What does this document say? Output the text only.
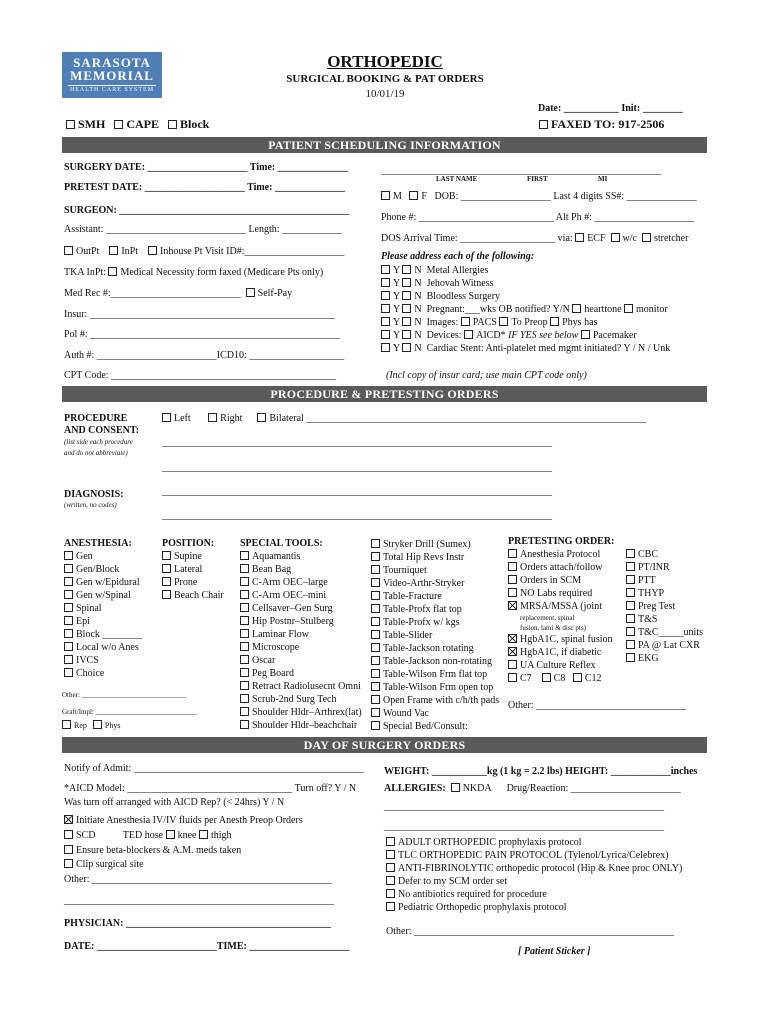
SARASOTA
MEMORIAL
HEALTH CARE SYSTEM
ORTHOPEDIC
SURGICAL BOOKING & PAT ORDERS
10/01/19
Date: ___________ Init: ________
SMH CAPE Block	FAXED TO: 917-2506
PATIENT SCHEDULING INFORMATION
SURGERY DATE: ____________________ Time: ______________
PRETEST DATE: ____________________ Time: ______________
SURGEON: ______________________________________________
Assistant: ____________________________ Length: ____________
OutPt InPt Inhouse Pt Visit ID#:____________________
TKA InPt: Medical Necessity form faxed (Medicare Pts only)
Med Rec #:__________________________ Self-Pay
Insur: _________________________________________________
Pol #: __________________________________________________
Auth #: ________________________ICD10: ___________________
CPT Code: _____________________________________________
________________________________________________________
LAST NAME	FIRST	MI
M F DOB: __________________ Last 4 digits SS#: ______________
Phone #: ___________________________ Alt Ph #: ____________________
DOS Arrival Time: ___________________ via: ECF w/c stretcher
Please address each of the following:
Y N Metal Allergies
Y N Jehovah Witness
Y N Bloodless Surgery
Y N Pregnant:___wks OB notified? Y/N hearttone monitor
Y N Images: PACS To Preop Phys has
Y N Devices: AICD* IF YES see below Pacemaker
Y N Cardiac Stent: Anti-platelet med mgmt initiated? Y / N / Unk
(Incl copy of insur card; use main CPT code only)
PROCEDURE & PRETESTING ORDERS
PROCEDURE
AND CONSENT:
(list side each procedure
and do not abbreviate)
Left	Right	Bilateral ____________________________________________________________________
______________________________________________________________________________
______________________________________________________________________________
DIAGNOSIS:
(written, no codes)
______________________________________________________________________________
______________________________________________________________________________
ANESTHESIA:
Gen
Gen/Block
Gen w/Epidural
Gen w/Spinal
Spinal
Epi
Block ________
Local w/o Anes
IVCS
Choice
Other: ______________________________
Graft/Impl: _____________________________
Rep Phys
POSITION:
Supine
Lateral
Prone
Beach Chair
SPECIAL TOOLS:
Aquamantis
Bean Bag
C-Arm OEC–large
C-Arm OEC–mini
Cellsaver–Gen Surg
Hip Postnr–Stulberg
Laminar Flow
Microscope
Oscar
Peg Board
Retract Radiolusecnt Omni
Scrub-2nd Surg Tech
Shoulder Hldr–Arthrex(lat)
Shoulder Hldr–beachchair
Stryker Drill (Sumex)
Total Hip Revs Instr
Tourniquet
Video-Arthr-Stryker
Table-Fracture
Table-Profx flat top
Table-Profx w/ kgs
Table-Slider
Table-Jackson rotating
Table-Jackson non-rotating
Table-Wilson Frm flat top
Table-Wilson Frm open top
Open Frame with c/h/th pads
Wound Vac
Special Bed/Consult:
PRETESTING ORDER:
Anesthesia Protocol
Orders attach/follow
Orders in SCM
NO Labs required
MRSA/MSSA (joint
replacement, spinal
fusion, lami & disc pts)
HgbA1C, spinal fusion
HgbA1C, if diabetic
UA Culture Reflex
C7 C8 C12
Other: ______________________________
CBC
PT/INR
PTT
THYP
Preg Test
T&S
T&C_____units
PA @ Lat CXR
EKG
DAY OF SURGERY ORDERS
Notify of Admit: ______________________________________________
*AICD Model: _________________________________ Turn off? Y / N
Was turn off arranged with AICD Rep? (< 24hrs) Y / N
Initiate Anesthesia IV/IV fluids per Anesth Preop Orders
SCD	TED hose knee thigh
Ensure beta-blockers & A.M. meds taken
Clip surgical site
Other: ________________________________________________
______________________________________________________
PHYSICIAN: _________________________________________
DATE: ________________________TIME: ____________________
WEIGHT: ___________kg (1 kg = 2.2 lbs) HEIGHT: ____________inches
ALLERGIES: NKDA Drug/Reaction: ______________________
________________________________________________________
________________________________________________________
ADULT ORTHOPEDIC prophylaxis protocol
TLC ORTHOPEDIC PAIN PROTOCOL (Tylenol/Lyrica/Celebrex)
ANTI-FIBRINOLYTIC orthopedic protocol (Hip & Knee proc ONLY)
Defer to my SCM order set
No antibiotics required for procedure
Pediatric Orthopedic prophylaxis protocol
Other: ____________________________________________________
[ Patient Sticker ]
